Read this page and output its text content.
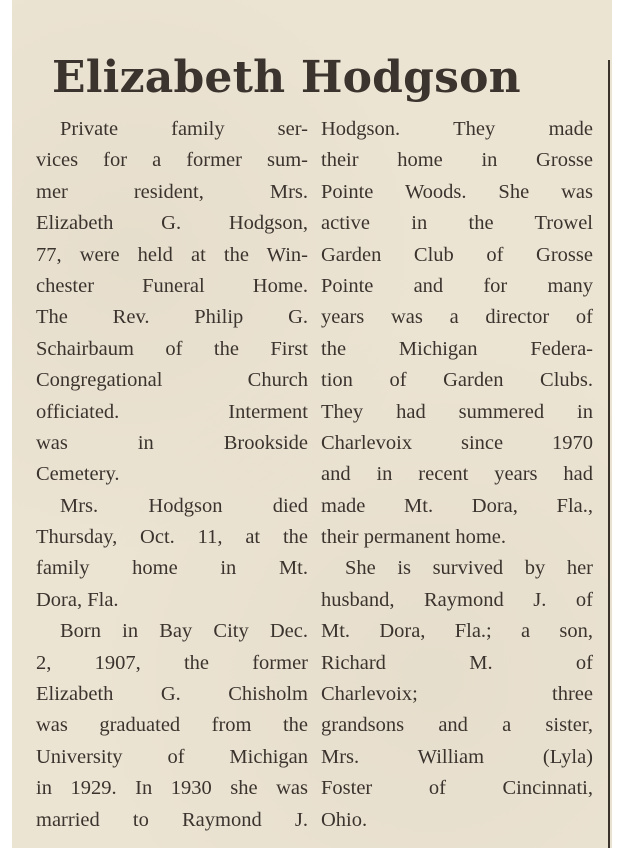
Elizabeth Hodgson
Private family ser-
vices for a former sum-
mer resident, Mrs.
Elizabeth G. Hodgson,
77, were held at the Win-
chester Funeral Home.
The Rev. Philip G.
Schairbaum of the First
Congregational Church
officiated. Interment
was in Brookside
Cemetery.
Mrs. Hodgson died
Thursday, Oct. 11, at the
family home in Mt.
Dora, Fla.
Born in Bay City Dec.
2, 1907, the former
Elizabeth G. Chisholm
was graduated from the
University of Michigan
in 1929. In 1930 she was
married to Raymond J.
Hodgson. They made
their home in Grosse
Pointe Woods. She was
active in the Trowel
Garden Club of Grosse
Pointe and for many
years was a director of
the Michigan Federa-
tion of Garden Clubs.
They had summered in
Charlevoix since 1970
and in recent years had
made Mt. Dora, Fla.,
their permanent home.
She is survived by her
husband, Raymond J. of
Mt. Dora, Fla.; a son,
Richard M. of
Charlevoix; three
grandsons and a sister,
Mrs. William (Lyla)
Foster of Cincinnati,
Ohio.
